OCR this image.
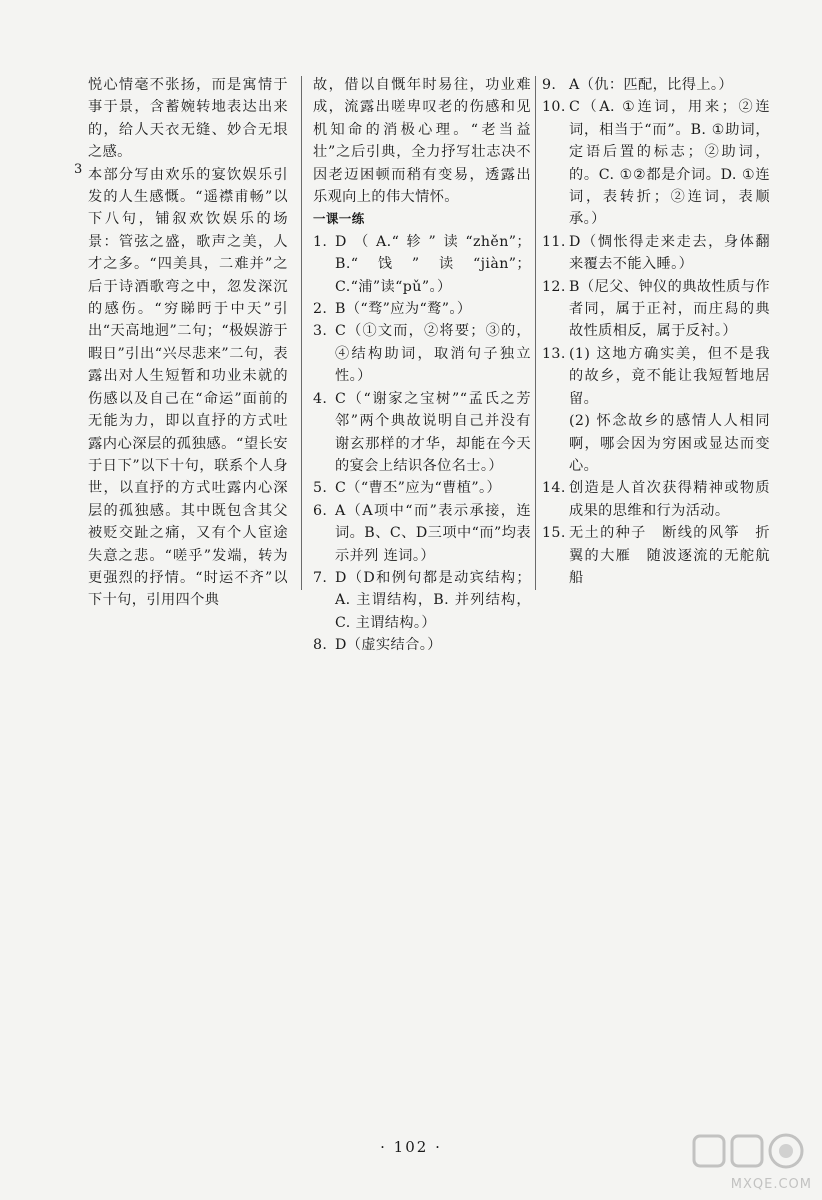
悦心情毫不张扬，而是寓情于事于景，含蓄婉转地表达出来的，给人天衣无缝、妙合无垠之感。

本部分写由欢乐的宴饮娱乐引发的人生感慨。“遥襟甫畅”以下八句，铺叙欢饮娱乐的场景：管弦之盛，歌声之美，人才之多。“四美具，二难并”之后于诗酒歌弯之中，忽发深沉的感伤。“穷睇眄于中天”引出“天高地迥”二句；“极娱游于暇日”引出“兴尽悲来”二句，表露出对人生短暂和功业未就的伤感以及自己在“命运”面前的无能为力，即以直抒的方式吐露内心深层的孤独感。“望长安于日下”以下十句，联系个人身世，以直抒的方式吐露内心深层的孤独感。其中既包含其父被贬交趾之痛，又有个人宦途失意之悲。“嗟乎”发端，转为更强烈的抒情。“时运不齐”以下十句，引用四个典

3

故，借以自慨年时易往，功业难成，流露出嗟卑叹老的伤感和见机知命的消极心理。“老当益壮”之后引典，全力抒写壮志决不因老迈困顿而稍有变易，透露出乐观向上的伟大情怀。

一课一练

1. D（A.“轸”读“zhěn”；B.“饯”读“jiàn”；C.“浦”读“pǔ”。）
2. B（“骛”应为“鹜”。）
3. C（①文而，②将要；③的，④结构助词，取消句子独立性。）
4. C（“谢家之宝树”“孟氏之芳邻”两个典故说明自己并没有谢玄那样的才华，却能在今天的宴会上结识各位名士。）
5. C（“曹丕”应为“曹植”。）
6. A（A项中“而”表示承接，连词。B、C、D三项中“而”均表示并列 连词。）
7. D（D和例句都是动宾结构；A. 主谓结构，B. 并列结构，C. 主谓结构。）
8. D（虚实结合。）
9. A（仇：匹配，比得上。）
10. C（A. ①连词，用来；②连词，相当于“而”。B. ①助词，定语后置的标志；②助词，的。C. ①②都是介词。D. ①连词，表转折；②连词，表顺承。）
11. D（惆怅得走来走去，身体翻来覆去不能入睡。）
12. B（尼父、钟仪的典故性质与作者同，属于正衬，而庄舄的典故性质相反，属于反衬。）
13. (1) 这地方确实美，但不是我的故乡，竟不能让我短暂地居留。
(2) 怀念故乡的感情人人相同啊，哪会因为穷困或显达而变心。
14. 创造是人首次获得精神或物质成果的思维和行为活动。
15. 无土的种子　断线的风筝　折翼的大雁　随波逐流的无舵航船
· 102 ·
MXQE.COM
